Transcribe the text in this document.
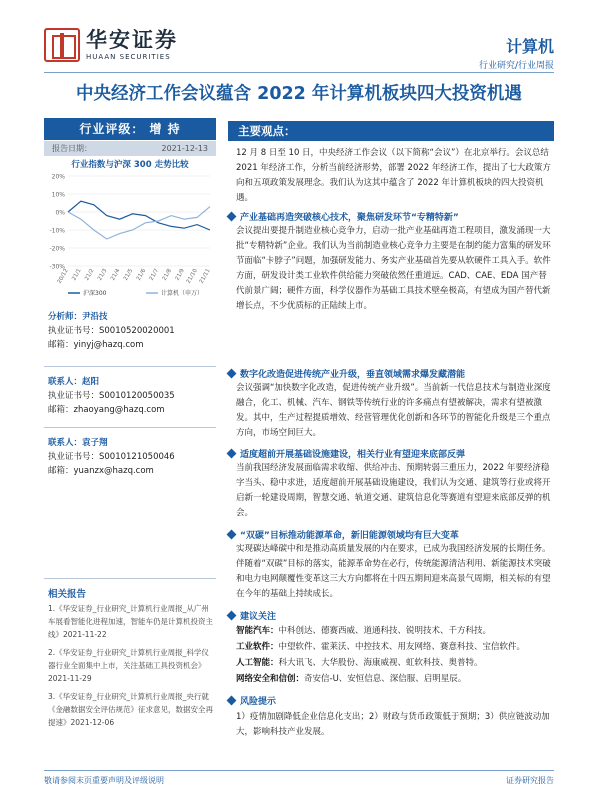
华安证券
HUAAN SECURITIES
计算机
行业研究/行业周报
中央经济工作会议蕴含 2022 年计算机板块四大投资机遇
行业评级： 增 持
报告日期：	2021-12-13
行业指数与沪深 300 走势比较
20%
10%
0%
-10%
-20%
-30%
20/12 21/1 21/2 21/3 21/4 21/5 21/6 21/7 21/8 21/9 21/10 21/11
沪深300	计算机（申万）
分析师：尹沿技
执业证书号：S0010520020001
邮箱：yinyj@hazq.com
联系人：赵阳
执业证书号：S0010120050035
邮箱：zhaoyang@hazq.com
联系人：袁子翔
执业证书号：S0010121050046
邮箱：yuanzx@hazq.com
相关报告
1.《华安证券_行业研究_计算机行业周报_从广州车展看智能化进程加速，智能车仍是计算机投资主线》2021-11-22
2.《华安证券_行业研究_计算机行业周报_科学仪器行业全面集中上市，关注基础工具投资机会》2021-11-29
3.《华安证券_行业研究_计算机行业周报_央行就《金融数据安全评估规范》征求意见，数据安全再提速》2021-12-06
主要观点：
12 月 8 日至 10 日，中央经济工作会议（以下简称“会议”）在北京举行。会议总结 2021 年经济工作，分析当前经济形势，部署 2022 年经济工作，提出了七大政策方向和五项政策发展理念。我们认为这其中蕴含了 2022 年计算机板块的四大投资机遇。
产业基础再造突破核心技术，聚焦研发环节“专精特新”
会议提出要提升制造业核心竞争力，启动一批产业基础再造工程项目，激发涌现一大批“专精特新”企业。我们认为当前制造业核心竞争力主要是在制约能力富集的研发环节面临“卡脖子”问题，加强研发能力、务实产业基础首先要从软硬件工具入手。软件方面，研发设计类工业软件供给能力突破依然任重道远。CAD、CAE、EDA 国产替代前景广阔；硬件方面，科学仪器作为基础工具技术壁垒极高，有望成为国产替代新增长点，不少优质标的正陆续上市。
数字化改造促进传统产业升级，垂直领域需求爆发藏潜能
会议强调“加快数字化改造，促进传统产业升级”。当前新一代信息技术与制造业深度融合，化工、机械、汽车、钢铁等传统行业的许多痛点有望被解决，需求有望被激发。其中，生产过程提质增效、经营管理优化创新和各环节的智能化升级是三个重点方向，市场空间巨大。
适度超前开展基础设施建设，相关行业有望迎来底部反弹
当前我国经济发展面临需求收缩、供给冲击、预期转弱三重压力，2022 年要经济稳字当头、稳中求进，适度超前开展基础设施建设，我们认为交通、建筑等行业或将开启新一轮建设周期，智慧交通、轨道交通、建筑信息化等赛道有望迎来底部反弹的机会。
“双碳”目标推动能源革命，新旧能源领域均有巨大变革
实现碳达峰碳中和是推动高质量发展的内在要求，已成为我国经济发展的长期任务。伴随着“双碳”目标的落实，能源革命势在必行，传统能源清洁利用、新能源技术突破和电力电网颠覆性变革这三大方向都将在十四五期间迎来高景气周期，相关标的有望在今年的基础上持续成长。
建议关注
智能汽车：中科创达、德赛西威、道通科技、锐明技术、千方科技。
工业软件：中望软件、霍莱沃、中控技术、用友网络、赛意科技、宝信软件。
人工智能：科大讯飞、大华股份、海康威视、虹软科技、奥普特。
网络安全和信创：奇安信-U、安恒信息、深信服、启明星辰。
风险提示
1）疫情加剧降低企业信息化支出；2）财政与货币政策低于预期；3）供应链波动加大，影响科技产业发展。
敬请参阅末页重要声明及评级说明	证券研究报告
